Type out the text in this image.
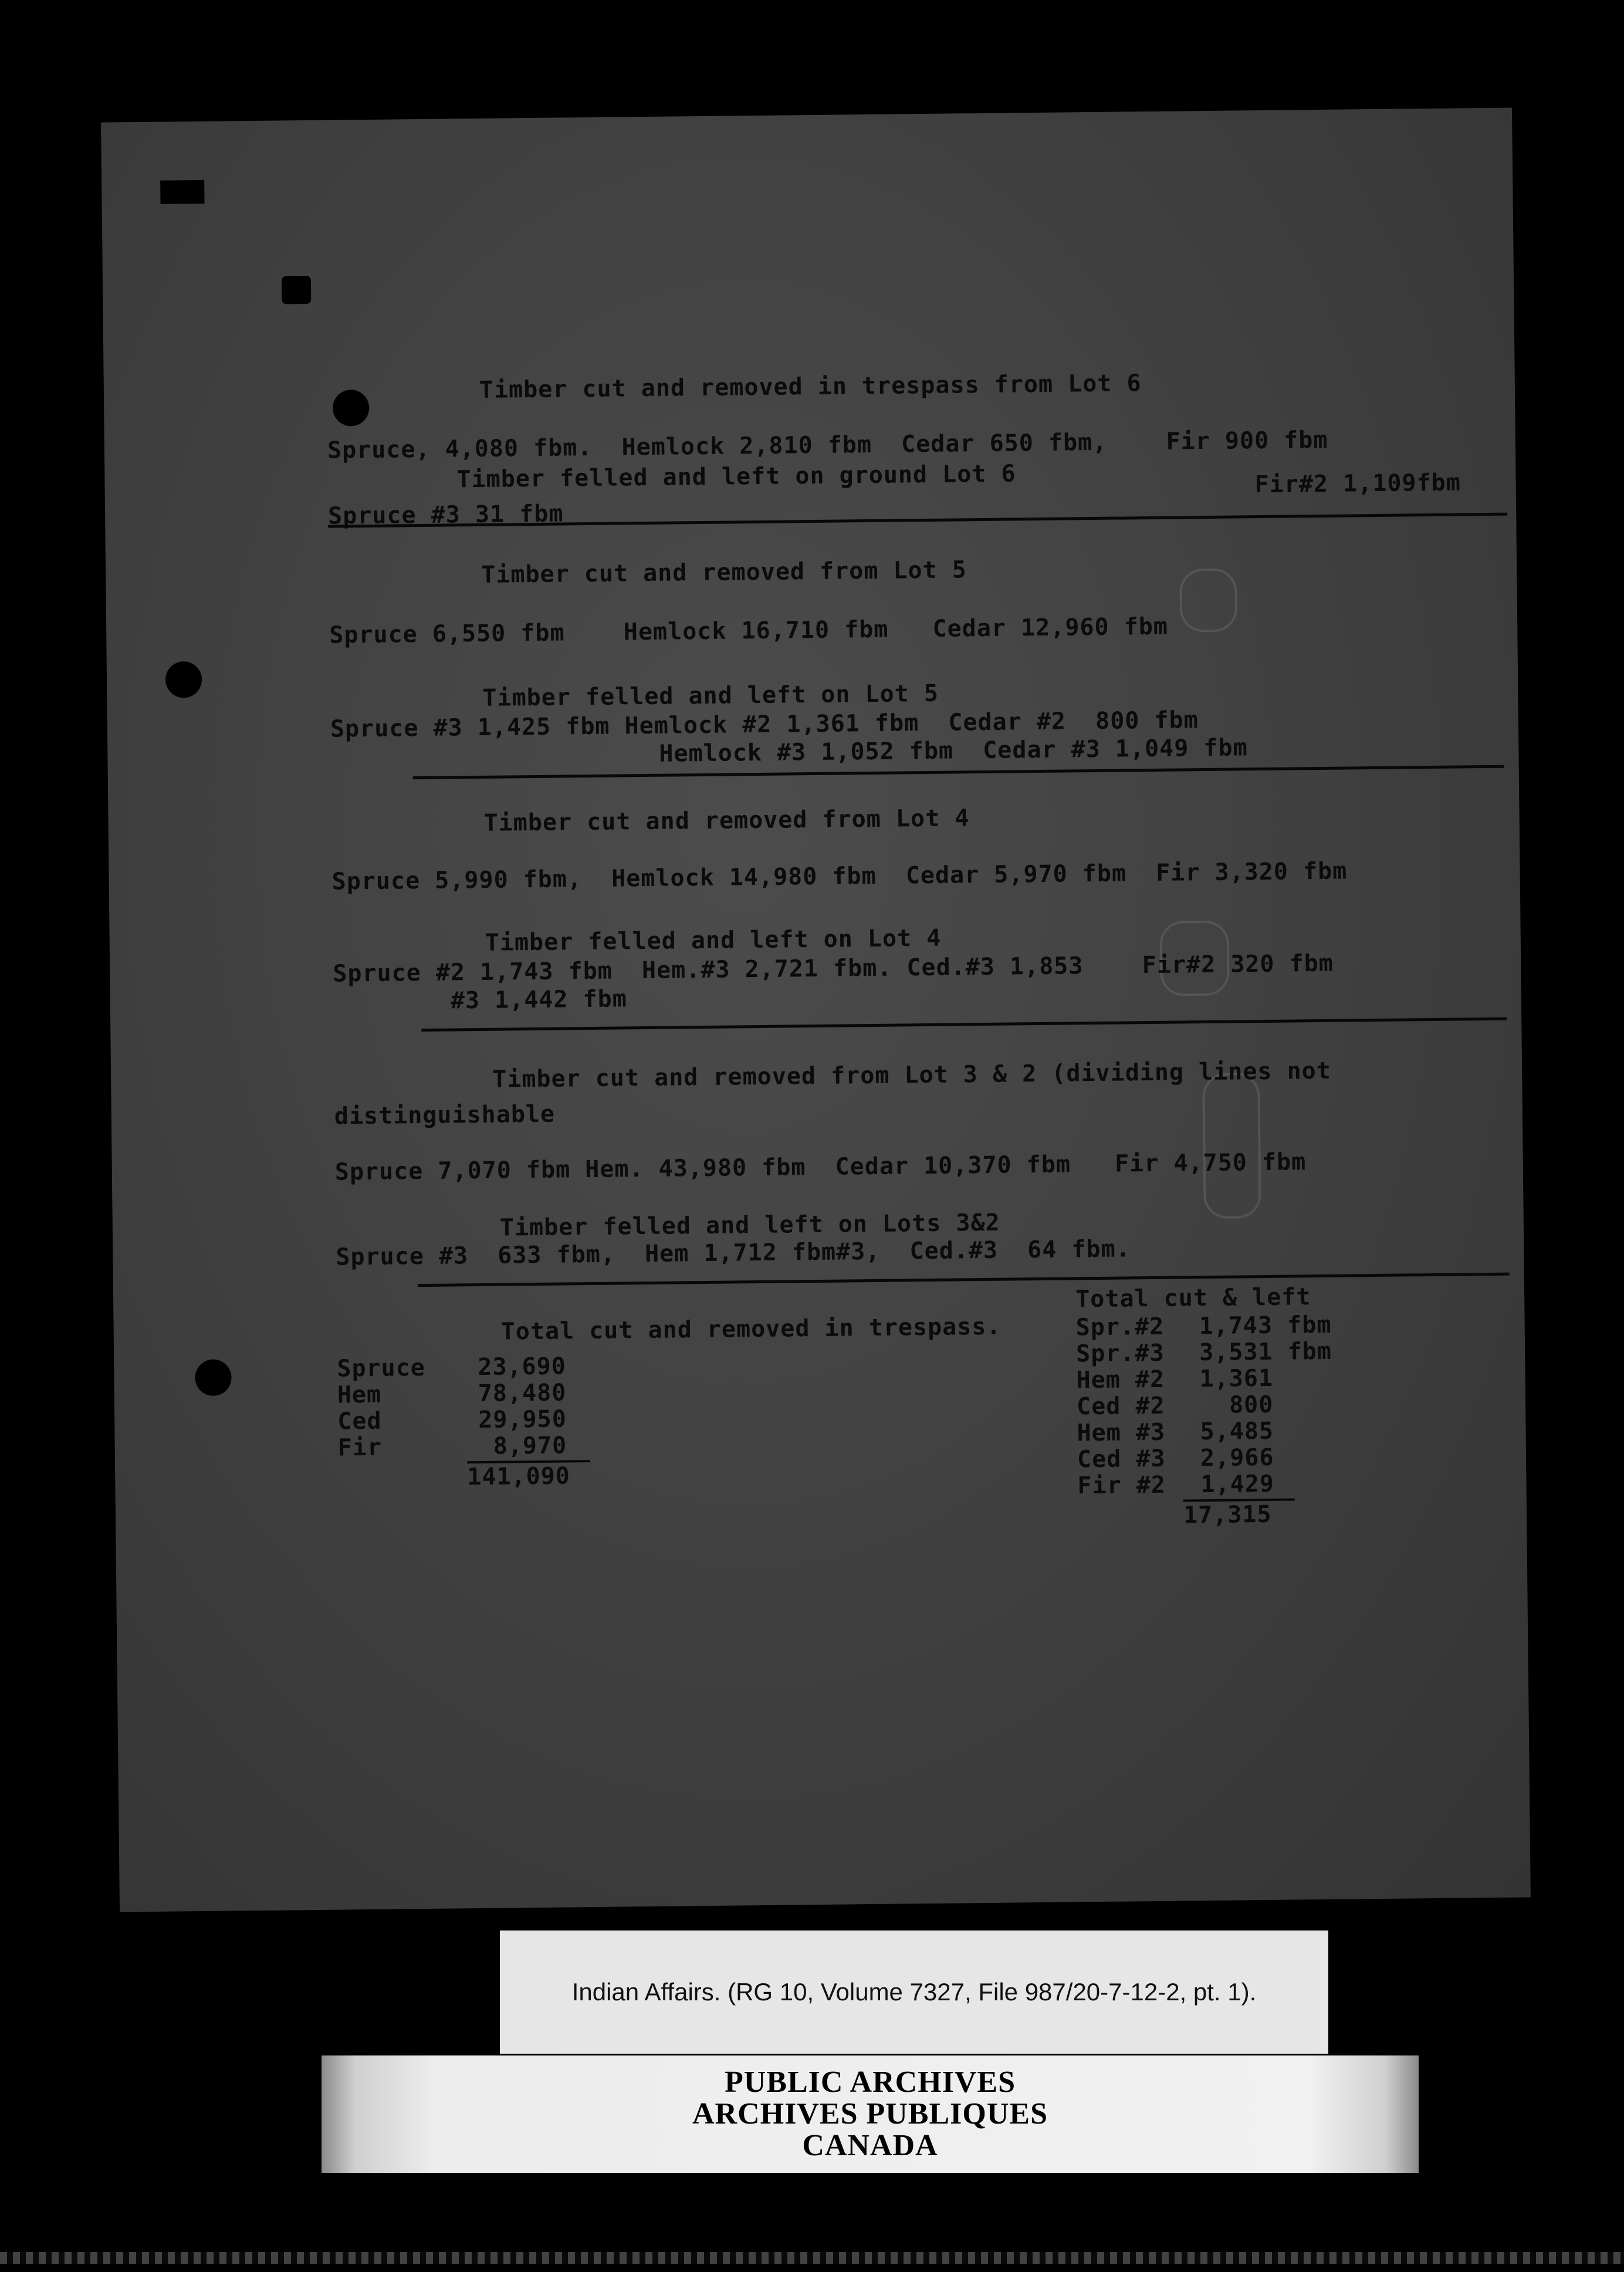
Timber cut and removed in trespass from Lot 6
Spruce, 4,080 fbm.  Hemlock 2,810 fbm  Cedar 650 fbm,    Fir 900 fbm
Timber felled and left on ground Lot 6
Spruce #3 31 fbm
Fir#2 1,109fbm
Timber cut and removed from Lot 5
Spruce 6,550 fbm    Hemlock 16,710 fbm   Cedar 12,960 fbm
Timber felled and left on Lot 5
Spruce #3 1,425 fbm Hemlock #2 1,361 fbm  Cedar #2  800 fbm
Hemlock #3 1,052 fbm  Cedar #3 1,049 fbm
Timber cut and removed from Lot 4
Spruce 5,990 fbm,  Hemlock 14,980 fbm  Cedar 5,970 fbm  Fir 3,320 fbm
Timber felled and left on Lot 4
Spruce #2 1,743 fbm  Hem.#3 2,721 fbm. Ced.#3 1,853    Fir#2 320 fbm
#3 1,442 fbm
Timber cut and removed from Lot 3 & 2 (dividing lines not
distinguishable
Spruce 7,070 fbm Hem. 43,980 fbm  Cedar 10,370 fbm   Fir 4,750 fbm
Timber felled and left on Lots 3&2
Spruce #3  633 fbm,  Hem 1,712 fbm#3,  Ced.#3  64 fbm.
Total cut and removed in trespass.
Total cut & left
Spruce 23,690
Hem	78,480
Ced	29,950
Fir	8,970
141,090
Spr.#2 1,743 fbm
Spr.#3 3,531 fbm
Hem #2 1,361
Ced #2	800
Hem #3 5,485
Ced #3 2,966
Fir #2 1,429
17,315
Indian Affairs. (RG 10, Volume 7327, File 987/20-7-12-2, pt. 1).
PUBLIC ARCHIVES
ARCHIVES PUBLIQUES
CANADA
